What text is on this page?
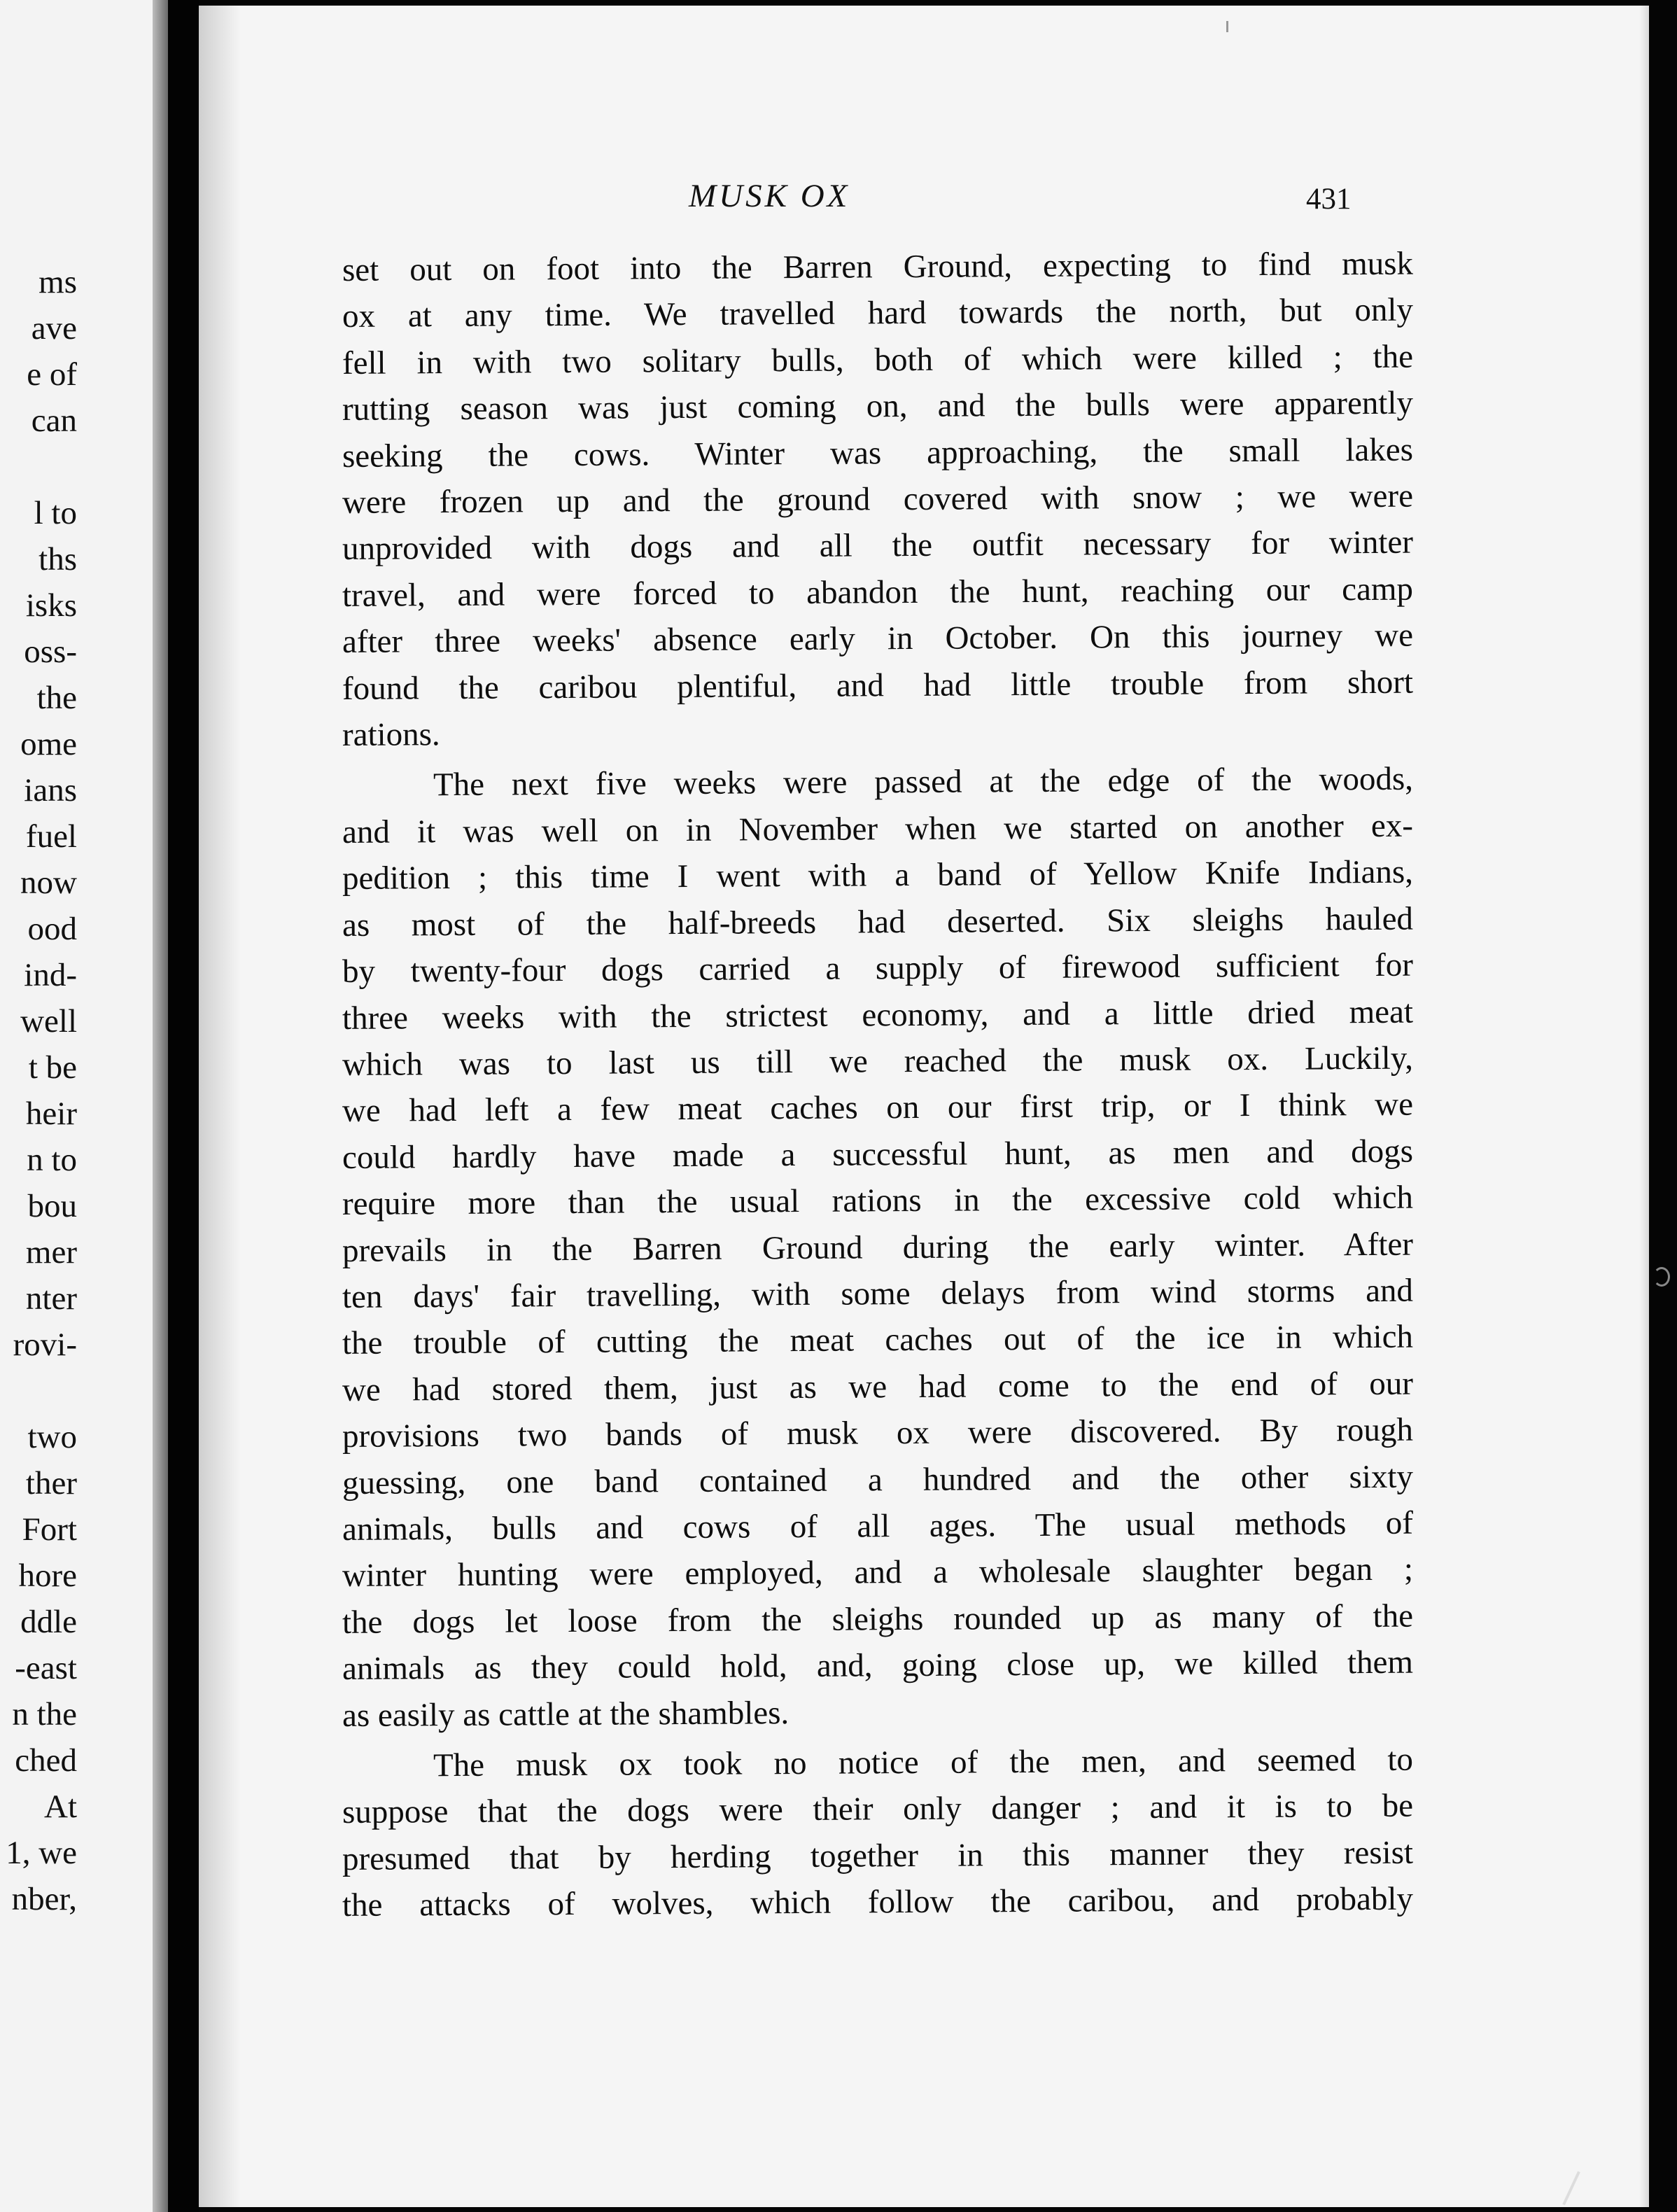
ms
ave
e of
can
l to
ths
isks
oss-
the
ome
ians
fuel
now
ood
ind-
well
t be
heir
n to
bou
mer
nter
rovi-
two
ther
Fort
hore
ddle
-east
n the
ched
At
1, we
nber,
MUSK OX	431
set out on foot into the Barren Ground, expecting to find musk
ox at any time. We travelled hard towards the north, but only
fell in with two solitary bulls, both of which were killed ; the
rutting season was just coming on, and the bulls were apparently
seeking the cows. Winter was approaching, the small lakes
were frozen up and the ground covered with snow ; we were
unprovided with dogs and all the outfit necessary for winter
travel, and were forced to abandon the hunt, reaching our camp
after three weeks' absence early in October. On this journey we
found the caribou plentiful, and had little trouble from short
rations.
The next five weeks were passed at the edge of the woods,
and it was well on in November when we started on another ex-
pedition ; this time I went with a band of Yellow Knife Indians,
as most of the half-breeds had deserted. Six sleighs hauled
by twenty-four dogs carried a supply of firewood sufficient for
three weeks with the strictest economy, and a little dried meat
which was to last us till we reached the musk ox. Luckily,
we had left a few meat caches on our first trip, or I think we
could hardly have made a successful hunt, as men and dogs
require more than the usual rations in the excessive cold which
prevails in the Barren Ground during the early winter. After
ten days' fair travelling, with some delays from wind storms and
the trouble of cutting the meat caches out of the ice in which
we had stored them, just as we had come to the end of our
provisions two bands of musk ox were discovered. By rough
guessing, one band contained a hundred and the other sixty
animals, bulls and cows of all ages. The usual methods of
winter hunting were employed, and a wholesale slaughter began ;
the dogs let loose from the sleighs rounded up as many of the
animals as they could hold, and, going close up, we killed them
as easily as cattle at the shambles.
The musk ox took no notice of the men, and seemed to
suppose that the dogs were their only danger ; and it is to be
presumed that by herding together in this manner they resist
the attacks of wolves, which follow the caribou, and probably
